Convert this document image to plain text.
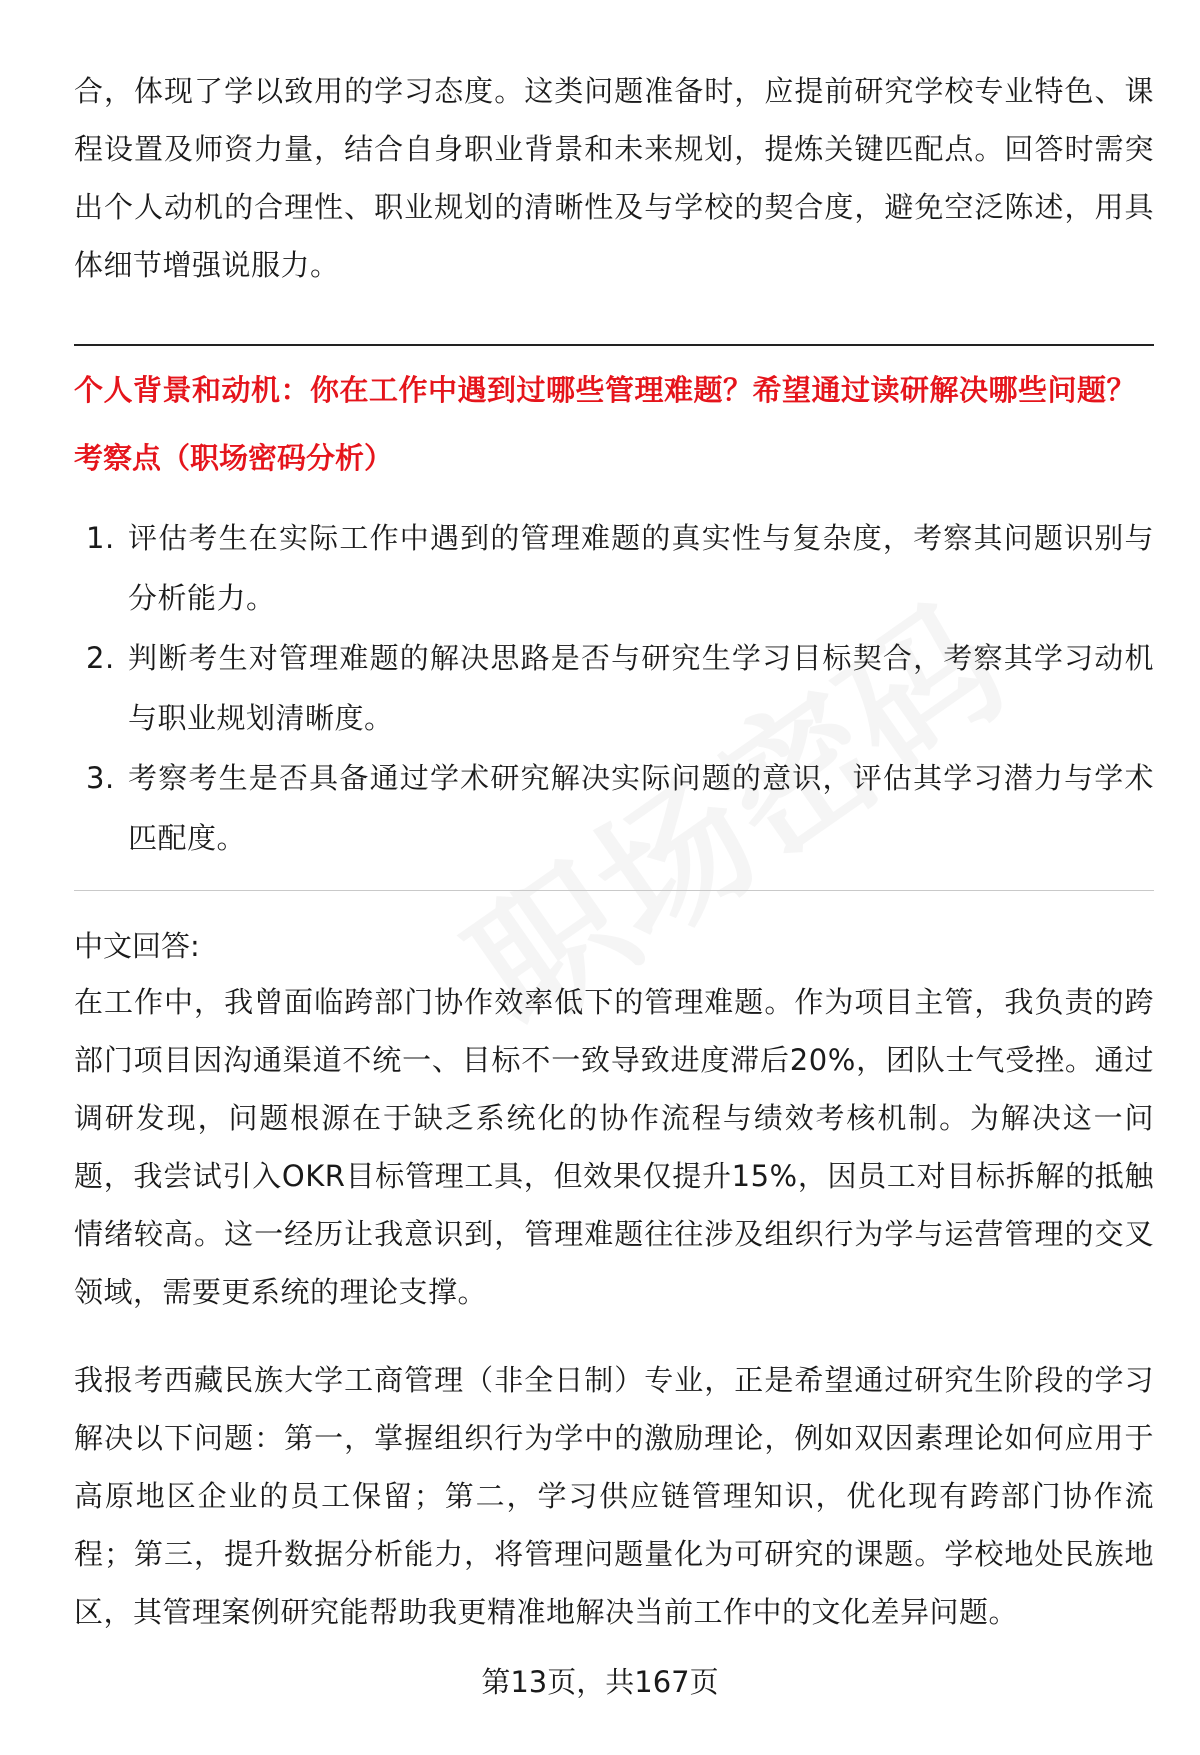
合，体现了学以致用的学习态度。这类问题准备时，应提前研究学校专业特色、课程设置及师资力量，结合自身职业背景和未来规划，提炼关键匹配点。回答时需突出个人动机的合理性、职业规划的清晰性及与学校的契合度，避免空泛陈述，用具体细节增强说服力。

个人背景和动机：你在工作中遇到过哪些管理难题？希望通过读研解决哪些问题？

考察点（职场密码分析）

1. 评估考生在实际工作中遇到的管理难题的真实性与复杂度，考察其问题识别与分析能力。
2. 判断考生对管理难题的解决思路是否与研究生学习目标契合，考察其学习动机与职业规划清晰度。
3. 考察考生是否具备通过学术研究解决实际问题的意识，评估其学习潜力与学术匹配度。

中文回答:

在工作中，我曾面临跨部门协作效率低下的管理难题。作为项目主管，我负责的跨部门项目因沟通渠道不统一、目标不一致导致进度滞后20%，团队士气受挫。通过调研发现，问题根源在于缺乏系统化的协作流程与绩效考核机制。为解决这一问题，我尝试引入OKR目标管理工具，但效果仅提升15%，因员工对目标拆解的抵触情绪较高。这一经历让我意识到，管理难题往往涉及组织行为学与运营管理的交叉领域，需要更系统的理论支撑。

我报考西藏民族大学工商管理（非全日制）专业，正是希望通过研究生阶段的学习解决以下问题：第一，掌握组织行为学中的激励理论，例如双因素理论如何应用于高原地区企业的员工保留；第二，学习供应链管理知识，优化现有跨部门协作流程；第三，提升数据分析能力，将管理问题量化为可研究的课题。学校地处民族地区，其管理案例研究能帮助我更精准地解决当前工作中的文化差异问题。

第13页，共167页
